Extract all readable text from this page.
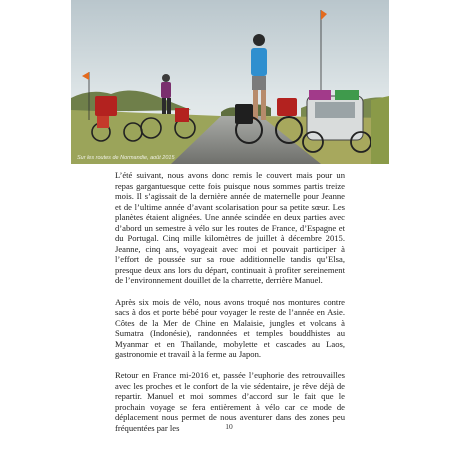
Sur les routes de Normandie, août 2015

L’été suivant, nous avons donc remis le couvert mais pour un repas gargantuesque cette fois puisque nous sommes partis treize mois. Il s’agissait de la dernière année de maternelle pour Jeanne et de l’ultime année d’avant scolarisation pour sa petite sœur. Les planètes étaient alignées. Une année scindée en deux parties avec d’abord un semestre à vélo sur les routes de France, d’Espagne et du Portugal. Cinq mille kilomètres de juillet à décembre 2015. Jeanne, cinq ans, voyageait avec moi et pouvait participer à l’effort de poussée sur sa roue additionnelle tandis qu’Elsa, presque deux ans lors du départ, continuait à profiter sereinement de l’environnement douillet de la charrette, derrière Manuel.

Après six mois de vélo, nous avons troqué nos montures contre sacs à dos et porte bébé pour voyager le reste de l’année en Asie. Côtes de la Mer de Chine en Malaisie, jungles et volcans à Sumatra (Indonésie), randonnées et temples bouddhistes au Myanmar et en Thaïlande, mobylette et cascades au Laos, gastronomie et travail à la ferme au Japon.

Retour en France mi-2016 et, passée l’euphorie des retrouvailles avec les proches et le confort de la vie sédentaire, je rêve déjà de repartir. Manuel et moi sommes d’accord sur le fait que le prochain voyage se fera entièrement à vélo car ce mode de déplacement nous permet de nous aventurer dans des zones peu fréquentées par les	10
